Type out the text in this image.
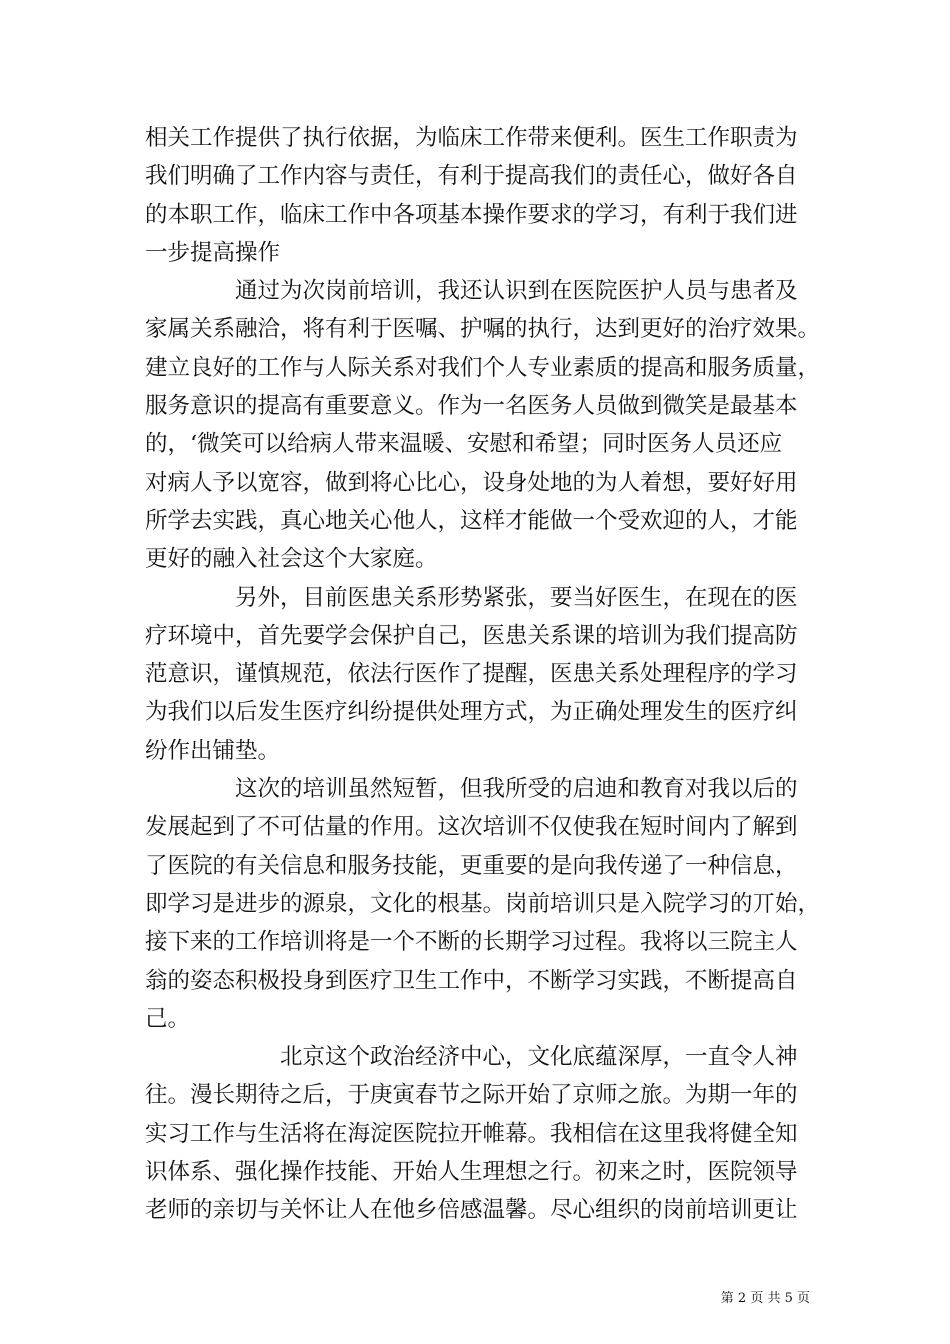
相关工作提供了执行依据，为临床工作带来便利。医生工作职责为
我们明确了工作内容与责任，有利于提高我们的责任心，做好各自
的本职工作，临床工作中各项基本操作要求的学习，有利于我们进
一步提高操作
　　　　通过为次岗前培训，我还认识到在医院医护人员与患者及
家属关系融洽，将有利于医嘱、护嘱的执行，达到更好的治疗效果。
建立良好的工作与人际关系对我们个人专业素质的提高和服务质量，
服务意识的提高有重要意义。作为一名医务人员做到微笑是最基本
的，‘微笑可以给病人带来温暖、安慰和希望；同时医务人员还应
对病人予以宽容，做到将心比心，设身处地的为人着想，要好好用
所学去实践，真心地关心他人，这样才能做一个受欢迎的人，才能
更好的融入社会这个大家庭。
　　　　另外，目前医患关系形势紧张，要当好医生，在现在的医
疗环境中，首先要学会保护自己，医患关系课的培训为我们提高防
范意识，谨慎规范，依法行医作了提醒，医患关系处理程序的学习
为我们以后发生医疗纠纷提供处理方式，为正确处理发生的医疗纠
纷作出铺垫。
　　　　这次的培训虽然短暂，但我所受的启迪和教育对我以后的
发展起到了不可估量的作用。这次培训不仅使我在短时间内了解到
了医院的有关信息和服务技能，更重要的是向我传递了一种信息，
即学习是进步的源泉，文化的根基。岗前培训只是入院学习的丌始，
接下来的工作培训将是一个不断的长期学习过程。我将以三院主人
翁的姿态积极投身到医疗卫生工作中，不断学习实践，不断提高自
己。
　　　　　　北京这个政治经济中心，文化底蕴深厚，一直令人神
往。漫长期待之后，于庚寅春节之际开始了京师之旅。为期一年的
实习工作与生活将在海淀医院拉开帷幕。我相信在这里我将健全知
识体系、强化操作技能、开始人生理想之行。初来之时，医院领导
老师的亲切与关怀让人在他乡倍感温馨。尽心组织的岗前培训更让
第 2 页 共 5 页
